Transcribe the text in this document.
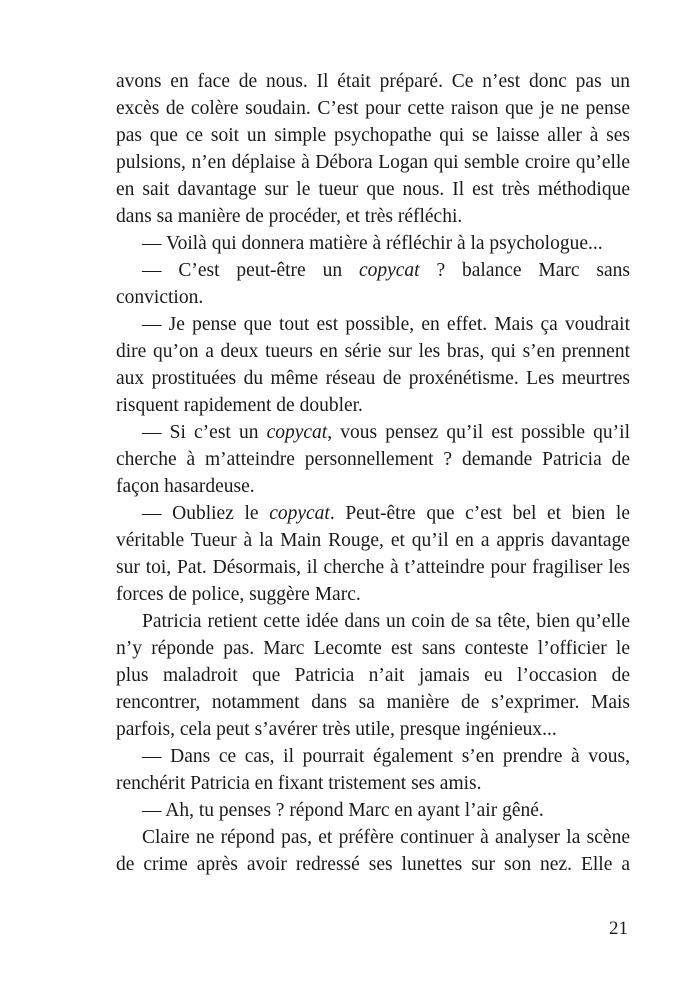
avons en face de nous. Il était préparé. Ce n’est donc pas un
excès de colère soudain. C’est pour cette raison que je ne pense
pas que ce soit un simple psychopathe qui se laisse aller à ses
pulsions, n’en déplaise à Débora Logan qui semble croire qu’elle
en sait davantage sur le tueur que nous. Il est très méthodique
dans sa manière de procéder, et très réfléchi.
— Voilà qui donnera matière à réfléchir à la psychologue...
— C’est peut-être un copycat ? balance Marc sans
conviction.
— Je pense que tout est possible, en effet. Mais ça voudrait
dire qu’on a deux tueurs en série sur les bras, qui s’en prennent
aux prostituées du même réseau de proxénétisme. Les meurtres
risquent rapidement de doubler.
— Si c’est un copycat, vous pensez qu’il est possible qu’il
cherche à m’atteindre personnellement ? demande Patricia de
façon hasardeuse.
— Oubliez le copycat. Peut-être que c’est bel et bien le
véritable Tueur à la Main Rouge, et qu’il en a appris davantage
sur toi, Pat. Désormais, il cherche à t’atteindre pour fragiliser les
forces de police, suggère Marc.
Patricia retient cette idée dans un coin de sa tête, bien qu’elle
n’y réponde pas. Marc Lecomte est sans conteste l’officier le
plus maladroit que Patricia n’ait jamais eu l’occasion de
rencontrer, notamment dans sa manière de s’exprimer. Mais
parfois, cela peut s’avérer très utile, presque ingénieux...
— Dans ce cas, il pourrait également s’en prendre à vous,
renchérit Patricia en fixant tristement ses amis.
— Ah, tu penses ? répond Marc en ayant l’air gêné.
Claire ne répond pas, et préfère continuer à analyser la scène
de crime après avoir redressé ses lunettes sur son nez. Elle a
21
